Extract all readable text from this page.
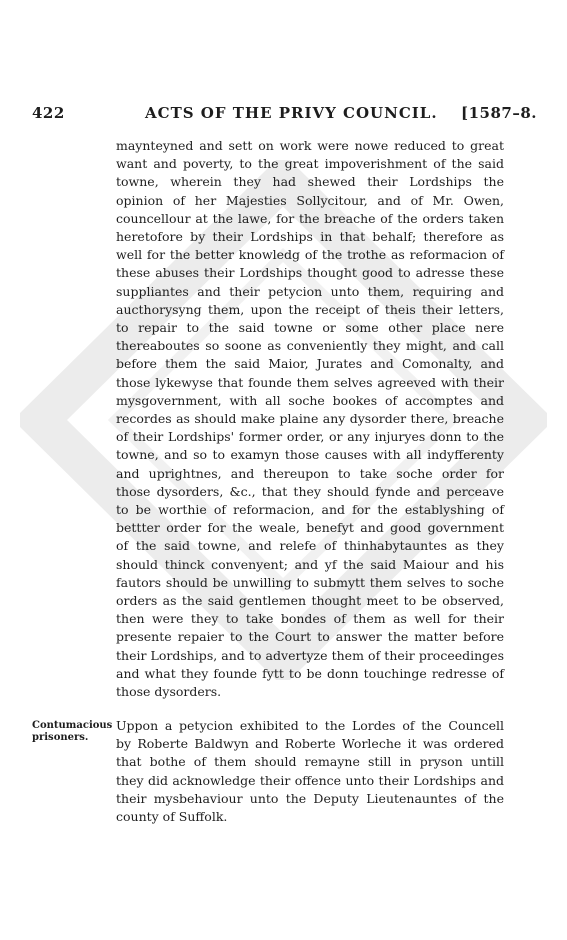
422	ACTS OF THE PRIVY COUNCIL. [1587–8.
maynteyned and sett on work were nowe reduced to great
want and poverty, to the great impoverishment of the said
towne, wherein they had shewed their Lordships the
opinion of her Majesties Sollycitour, and of Mr. Owen,
councellour at the lawe, for the breache of the orders taken
heretofore by their Lordships in that behalf; therefore as
well for the better knowledg of the trothe as reformacion of
these abuses their Lordships thought good to adresse these
suppliantes and their petycion unto them, requiring and
aucthorysyng them, upon the receipt of theis their letters,
to repair to the said towne or some other place nere
thereaboutes so soone as conveniently they might, and call
before them the said Maior, Jurates and Comonalty, and
those lykewyse that founde them selves agreeved with their
mysgovernment, with all soche bookes of accomptes and
recordes as should make plaine any dysorder there, breache
of their Lordships' former order, or any injuryes donn to the
towne, and so to examyn those causes with all indyfferenty
and uprightnes, and thereupon to take soche order for
those dysorders, &c., that they should fynde and perceave
to be worthie of reformacion, and for the establyshing of
bettter order for the weale, benefyt and good government
of the said towne, and relefe of thinhabytauntes as they
should thinck convenyent; and yf the said Maiour and his
fautors should be unwilling to submytt them selves to soche
orders as the said gentlemen thought meet to be observed,
then were they to take bondes of them as well for their
presente repaier to the Court to answer the matter before
their Lordships, and to advertyze them of their proceedinges
and what they founde fytt to be donn touchinge redresse of
those dysorders.
Contumacious prisoners.
Uppon a petycion exhibited to the Lordes of the Councell
by Roberte Baldwyn and Roberte Worleche it was ordered
that bothe of them should remayne still in pryson untill
they did acknowledge their offence unto their Lordships and
their mysbehaviour unto the Deputy Lieutenauntes of the
county of Suffolk.
